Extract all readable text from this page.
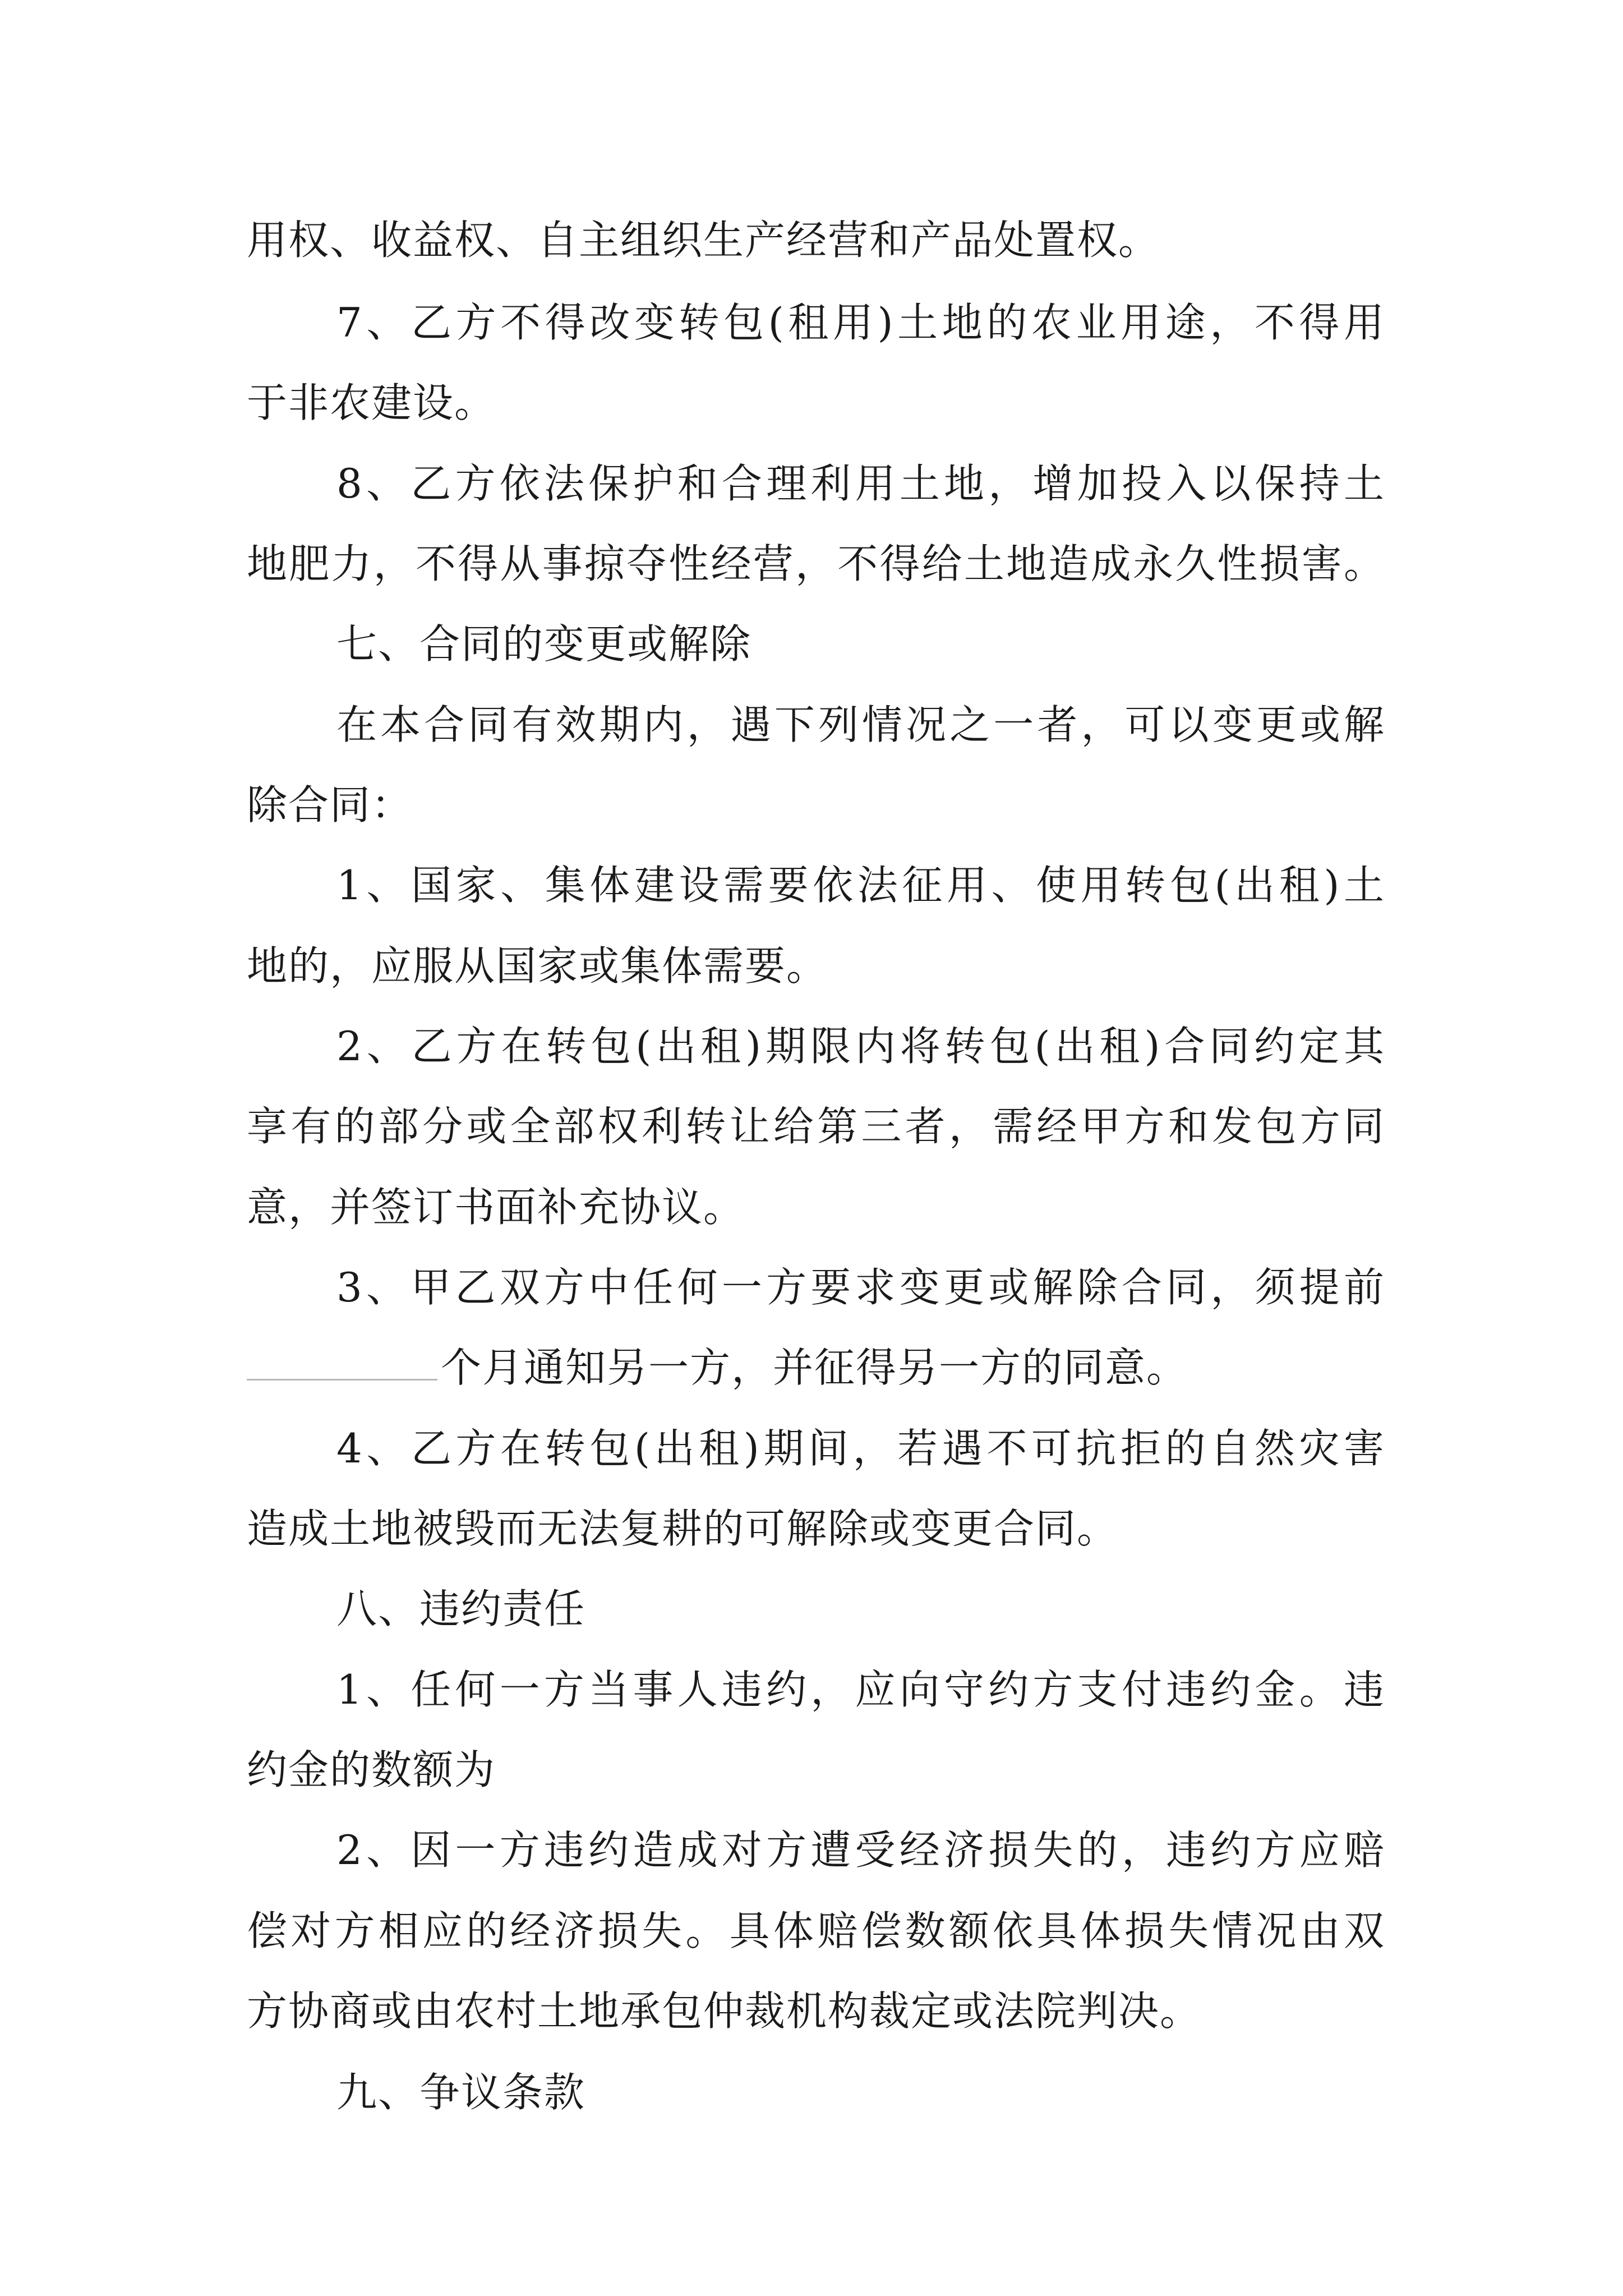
用权、收益权、自主组织生产经营和产品处置权。
7、乙方不得改变转包(租用)土地的农业用途，不得用
于非农建设。
8、乙方依法保护和合理利用土地，增加投入以保持土
地肥力，不得从事掠夺性经营，不得给土地造成永久性损害。
七、合同的变更或解除
在本合同有效期内，遇下列情况之一者，可以变更或解
除合同：
1、国家、集体建设需要依法征用、使用转包(出租)土
地的，应服从国家或集体需要。
2、乙方在转包(出租)期限内将转包(出租)合同约定其
享有的部分或全部权利转让给第三者，需经甲方和发包方同
意，并签订书面补充协议。
3、甲乙双方中任何一方要求变更或解除合同，须提前
个月通知另一方，并征得另一方的同意。
4、乙方在转包(出租)期间，若遇不可抗拒的自然灾害
造成土地被毁而无法复耕的可解除或变更合同。
八、违约责任
1、任何一方当事人违约，应向守约方支付违约金。违
约金的数额为
2、因一方违约造成对方遭受经济损失的，违约方应赔
偿对方相应的经济损失。具体赔偿数额依具体损失情况由双
方协商或由农村土地承包仲裁机构裁定或法院判决。
九、争议条款
